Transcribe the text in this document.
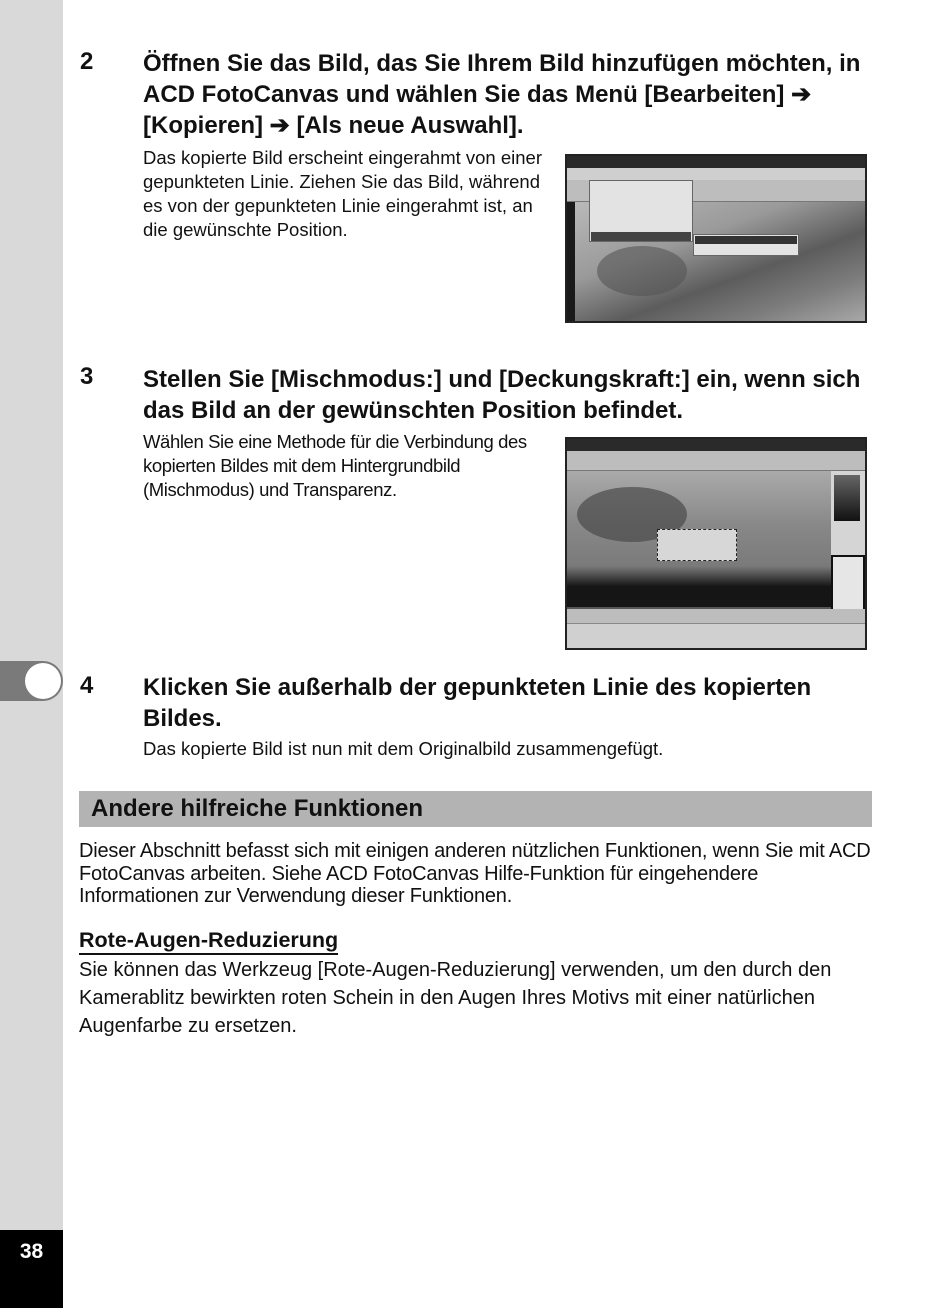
38
2 Öffnen Sie das Bild, das Sie Ihrem Bild hinzufügen möchten, in ACD FotoCanvas und wählen Sie das Menü [Bearbeiten] ➔ [Kopieren] ➔ [Als neue Auswahl].
Das kopierte Bild erscheint eingerahmt von einer gepunkteten Linie. Ziehen Sie das Bild, während es von der gepunkteten Linie eingerahmt ist, an die gewünschte Position.
3 Stellen Sie [Mischmodus:] und [Deckungskraft:] ein, wenn sich das Bild an der gewünschten Position befindet.
Wählen Sie eine Methode für die Verbindung des kopierten Bildes mit dem Hintergrundbild (Mischmodus) und Transparenz.
4 Klicken Sie außerhalb der gepunkteten Linie des kopierten Bildes.
Das kopierte Bild ist nun mit dem Originalbild zusammengefügt.
Andere hilfreiche Funktionen
Dieser Abschnitt befasst sich mit einigen anderen nützlichen Funktionen, wenn Sie mit ACD FotoCanvas arbeiten. Siehe ACD FotoCanvas Hilfe-Funktion für eingehendere Informationen zur Verwendung dieser Funktionen.
Rote-Augen-Reduzierung
Sie können das Werkzeug [Rote-Augen-Reduzierung] verwenden, um den durch den Kamerablitz bewirkten roten Schein in den Augen Ihres Motivs mit einer natürlichen Augenfarbe zu ersetzen.
